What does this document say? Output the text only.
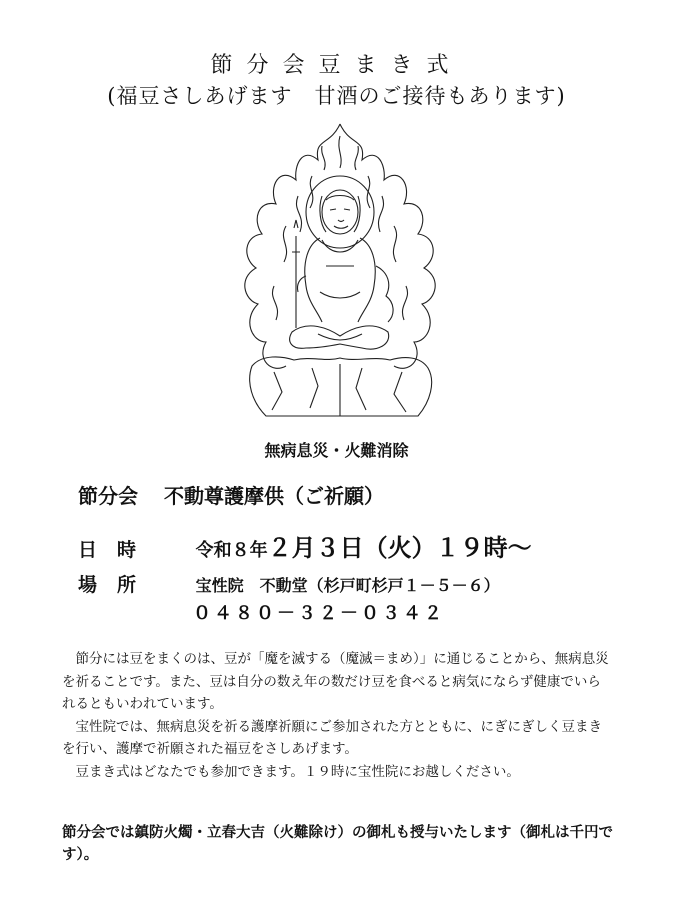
節分会豆まき式
(福豆さしあげます　甘酒のご接待もあります)
無病息災・火難消除
節分会 不動尊護摩供（ご祈願）
日時 令和８年２月３日（火）１９時～
場所 宝性院　不動堂（杉戸町杉戸１－５－６）
０４８０－３２－０３４２

節分には豆をまくのは、豆が「魔を滅する（魔滅＝まめ）」に通じることから、無病息災を祈ることです。また、豆は自分の数え年の数だけ豆を食べると病気にならず健康でいられるともいわれています。

宝性院では、無病息災を祈る護摩祈願にご参加された方とともに、にぎにぎしく豆まきを行い、護摩で祈願された福豆をさしあげます。

豆まき式はどなたでも参加できます。１９時に宝性院にお越しください。

節分会では鎮防火燭・立春大吉（火難除け）の御札も授与いたします（御札は千円です）。
